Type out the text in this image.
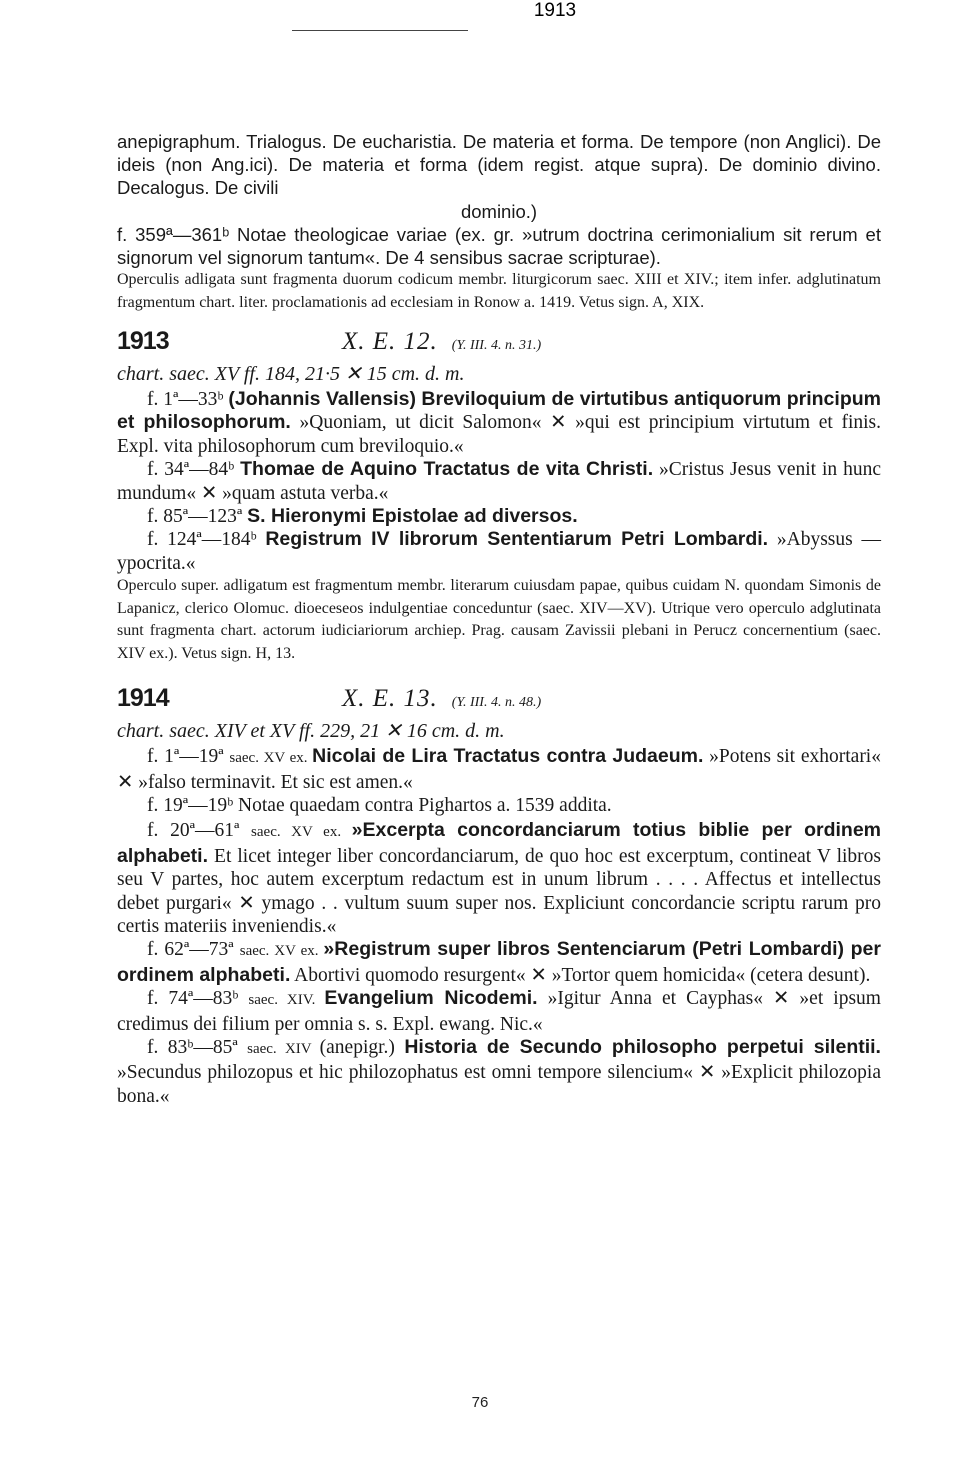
1913

anepigraphum. Trialogus. De eucharistia. De materia et forma. De tempore (non Anglici). De ideis (non Ang.ici). De materia et forma (idem regist. atque supra). De dominio divino. Decalogus. De civili

dominio.)

f. 359ª—361ᵇ Notae theologicae variae (ex. gr. »utrum doctrina cerimonialium sit rerum et signorum vel signorum tantum«. De 4 sensibus sacrae scripturae).

Operculis adligata sunt fragmenta duorum codicum membr. liturgicorum saec. XIII et XIV.; item infer. adglutinatum fragmentum chart. liter. proclamationis ad ecclesiam in Ronow a. 1419. Vetus sign. A, XIX.

1913	X. E. 12. (Y. III. 4. n. 31.)
chart. saec. XV ff. 184, 21·5 ✕ 15 cm. d. m.

f. 1ª—33ᵇ (Johannis Vallensis) Breviloquium de virtutibus antiquorum principum et philosophorum. »Quoniam, ut dicit Salomon« ✕ »qui est principium virtutum et finis. Expl. vita philosophorum cum breviloquio.«

f. 34ª—84ᵇ Thomae de Aquino Tractatus de vita Christi. »Cristus Jesus venit in hunc mundum« ✕ »quam astuta verba.«

f. 85ª—123ª S. Hieronymi Epistolae ad diversos.

f. 124ª—184ᵇ Registrum IV librorum Sententiarum Petri Lombardi. »Abyssus — ypocrita.«

Operculo super. adligatum est fragmentum membr. literarum cuiusdam papae, quibus cuidam N. quondam Simonis de Lapanicz, clerico Olomuc. dioeceseos indulgentiae conceduntur (saec. XIV—XV). Utrique vero operculo adglutinata sunt fragmenta chart. actorum iudiciariorum archiep. Prag. causam Zavissii plebani in Perucz concernentium (saec. XIV ex.). Vetus sign. H, 13.

1914	X. E. 13. (Y. III. 4. n. 48.)
chart. saec. XIV et XV ff. 229, 21 ✕ 16 cm. d. m.

f. 1ª—19ª saec. XV ex. Nicolai de Lira Tractatus contra Judaeum. »Potens sit exhortari« ✕ »falso terminavit. Et sic est amen.«

f. 19ª—19ᵇ Notae quaedam contra Pighartos a. 1539 addita.

f. 20ª—61ª saec. XV ex. »Excerpta concordanciarum totius biblie per ordinem alphabeti. Et licet integer liber concordanciarum, de quo hoc est excerptum, contineat V libros seu V partes, hoc autem excerptum redactum est in unum librum . . . . Affectus et intellectus debet purgari« ✕ ymago . . vultum suum super nos. Expliciunt concordancie scriptu rarum pro certis materiis inveniendis.«

f. 62ª—73ª saec. XV ex. »Registrum super libros Sentenciarum (Petri Lombardi) per ordinem alphabeti. Abortivi quomodo resurgent« ✕ »Tortor quem homicida« (cetera desunt).

f. 74ª—83ᵇ saec. XIV. Evangelium Nicodemi. »Igitur Anna et Cayphas« ✕ »et ipsum credimus dei filium per omnia s. s. Expl. ewang. Nic.«

f. 83ᵇ—85ª saec. XIV (anepigr.) Historia de Secundo philosopho perpetui silentii. »Secundus philozopus et hic philozophatus est omni tempore silencium« ✕ »Explicit philozopia bona.«

76
